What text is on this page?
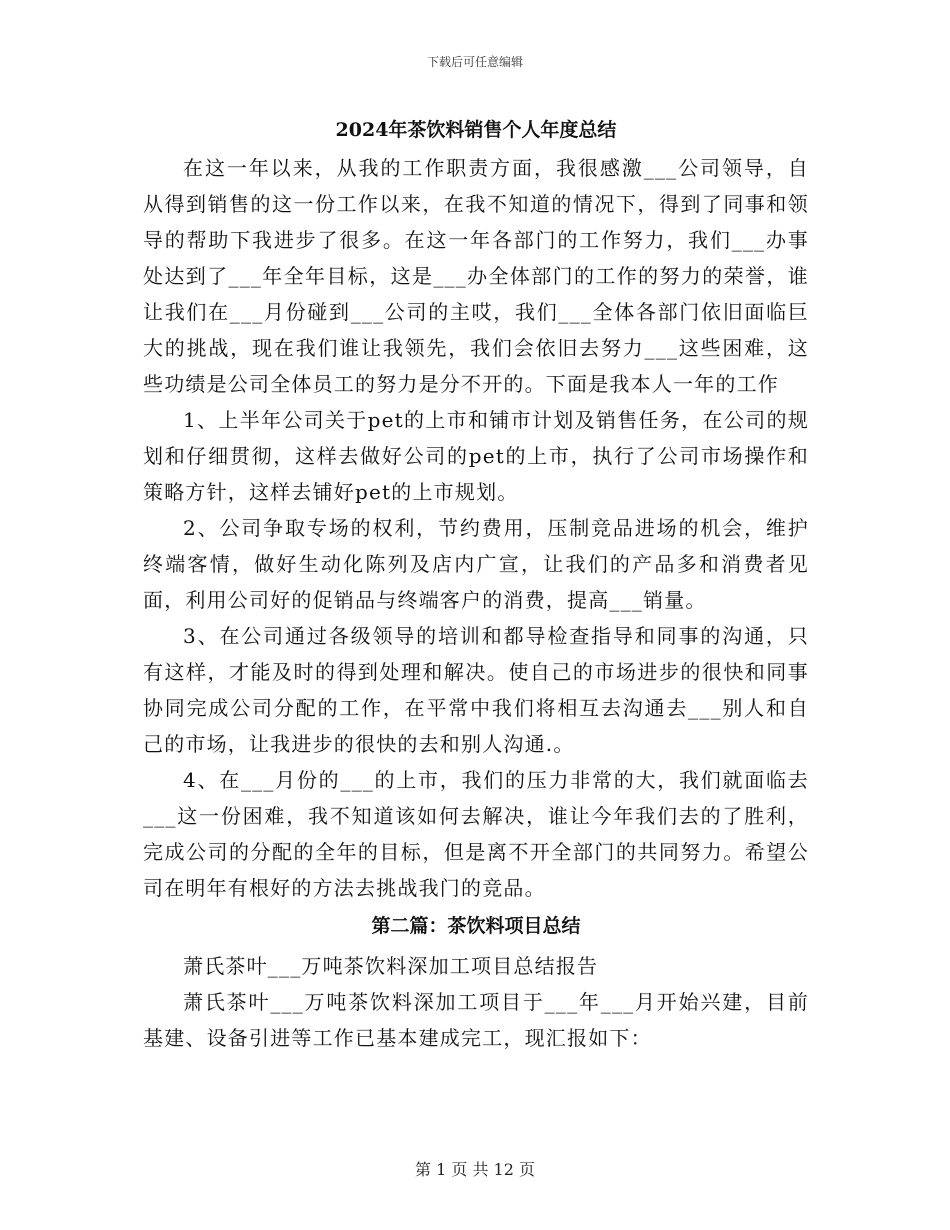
下载后可任意编辑
2024年茶饮料销售个人年度总结

在这一年以来，从我的工作职责方面，我很感激___公司领导，自从得到销售的这一份工作以来，在我不知道的情况下，得到了同事和领导的帮助下我进步了很多。在这一年各部门的工作努力，我们___办事处达到了___年全年目标，这是___办全体部门的工作的努力的荣誉，谁让我们在___月份碰到___公司的主哎，我们___全体各部门依旧面临巨大的挑战，现在我们谁让我领先，我们会依旧去努力___这些困难，这些功绩是公司全体员工的努力是分不开的。下面是我本人一年的工作

1、上半年公司关于pet的上市和铺市计划及销售任务，在公司的规划和仔细贯彻，这样去做好公司的pet的上市，执行了公司市场操作和策略方针，这样去铺好pet的上市规划。

2、公司争取专场的权利，节约费用，压制竞品进场的机会，维护终端客情，做好生动化陈列及店内广宣，让我们的产品多和消费者见面，利用公司好的促销品与终端客户的消费，提高___销量。

3、在公司通过各级领导的培训和都导检查指导和同事的沟通，只有这样，才能及时的得到处理和解决。使自己的市场进步的很快和同事协同完成公司分配的工作，在平常中我们将相互去沟通去___别人和自己的市场，让我进步的很快的去和别人沟通.。

4、在___月份的___的上市，我们的压力非常的大，我们就面临去___这一份困难，我不知道该如何去解决，谁让今年我们去的了胜利，完成公司的分配的全年的目标，但是离不开全部门的共同努力。希望公司在明年有根好的方法去挑战我门的竞品。

第二篇：茶饮料项目总结

萧氏茶叶___万吨茶饮料深加工项目总结报告

萧氏茶叶___万吨茶饮料深加工项目于___年___月开始兴建，目前基建、设备引进等工作已基本建成完工，现汇报如下：

第 1 页 共 12 页
